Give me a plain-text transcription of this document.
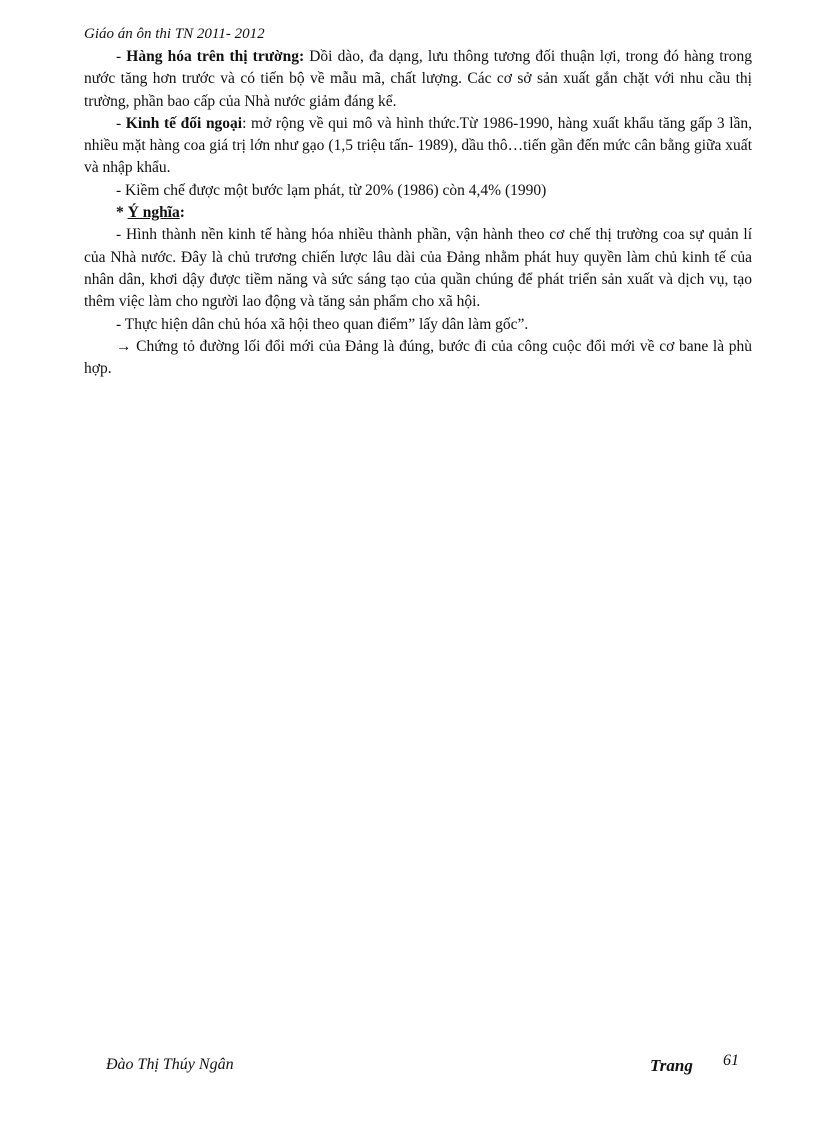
Giáo án ôn thi TN 2011- 2012

- Hàng hóa trên thị trường: Dồi dào, đa dạng, lưu thông tương đối thuận lợi, trong đó hàng trong nước tăng hơn trước và có tiến bộ về mẫu mã, chất lượng. Các cơ sở sản xuất gắn chặt với nhu cầu thị trường, phần bao cấp của Nhà nước giảm đáng kể.

- Kinh tế đối ngoại: mở rộng về qui mô và hình thức.Từ 1986-1990, hàng xuất khẩu tăng gấp 3 lần, nhiều mặt hàng coa giá trị lớn như gạo (1,5 triệu tấn- 1989), dầu thô…tiến gần đến mức cân bằng giữa xuất và nhập khẩu.

- Kiềm chế được một bước lạm phát, từ 20% (1986) còn 4,4% (1990)

* Ý nghĩa:

- Hình thành nền kinh tế hàng hóa nhiều thành phần, vận hành theo cơ chế thị trường coa sự quản lí của Nhà nước. Đây là chủ trương chiến lược lâu dài của Đảng nhằm phát huy quyền làm chủ kinh tế của nhân dân, khơi dậy được tiềm năng và sức sáng tạo của quần chúng để phát triển sản xuất và dịch vụ, tạo thêm việc làm cho người lao động và tăng sản phẩm cho xã hội.

- Thực hiện dân chủ hóa xã hội theo quan điểm” lấy dân làm gốc”.

→ Chứng tỏ đường lối đổi mới của Đảng là đúng, bước đi của công cuộc đổi mới về cơ bane là phù hợp.

Đào Thị Thúy Ngân	Trang 61
